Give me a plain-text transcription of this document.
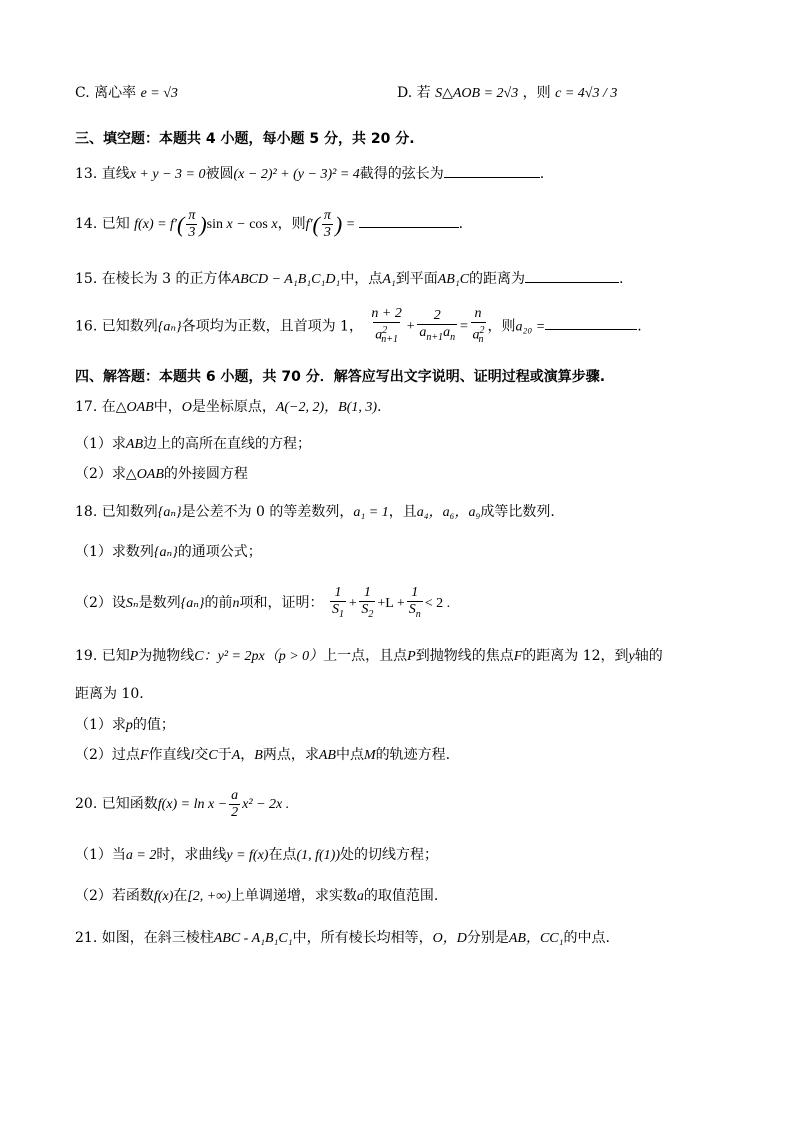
C. 离心率 e = √3	D. 若 S△AOB = 2√3 ，则 c = 4√3 / 3
三、填空题：本题共 4 小题，每小题 5 分，共 20 分.
13. 直线x + y − 3 = 0被圆(x − 2)² + (y − 3)² = 4截得的弦长为	.
14. 已知 $f(x) = f'( \frac{\pi}{3} )\sin$ x − cos x，则$f'( \frac{\pi}{3}$ ) =	.
15. 在棱长为 3 的正方体ABCD − A₁B₁C₁D₁中，点A₁到平面AB₁C的距离为	.
16. 已知数列{aₙ}各项均为正数，且首项为 1， $\frac{n + 2}{a^2_{n+1}} + \frac{2}{a_{n+1}a_n} = \frac{n}{a^2_n}$ ，则a₂₀ =	.
四、解答题：本题共 6 小题，共 70 分．解答应写出文字说明、证明过程或演算步骤.
17. 在△OAB中，O是坐标原点，A(−2, 2)，B(1, 3).
（1）求AB边上的高所在直线的方程；
（2）求△OAB的外接圆方程
18. 已知数列{aₙ}是公差不为 0 的等差数列，a₁ = 1，且a₄，a₆，a₉成等比数列.
（1）求数列{aₙ}的通项公式；
（2）设Sₙ是数列{aₙ}的前n项和，证明： $\frac{1}{S_1} + \frac{1}{S_2} +L + \frac{1}{S_n} < 2$ .
19. 已知P为抛物线C：y² = 2px（p > 0）上一点，且点P到抛物线的焦点F的距离为 12，到y轴的
距离为 10.
（1）求p的值；
（2）过点F作直线l交C于A，B两点，求AB中点M的轨迹方程.
20. 已知函数$f(x) = \ln x - \frac{a}{2} x^2 - 2x$ .
（1）当a = 2时，求曲线y = f(x)在点(1, f(1))处的切线方程；
（2）若函数f(x)在[2, +∞)上单调递增，求实数a的取值范围.
21. 如图，在斜三棱柱ABC - A₁B₁C₁中，所有棱长均相等，O，D分别是AB，CC₁的中点.
